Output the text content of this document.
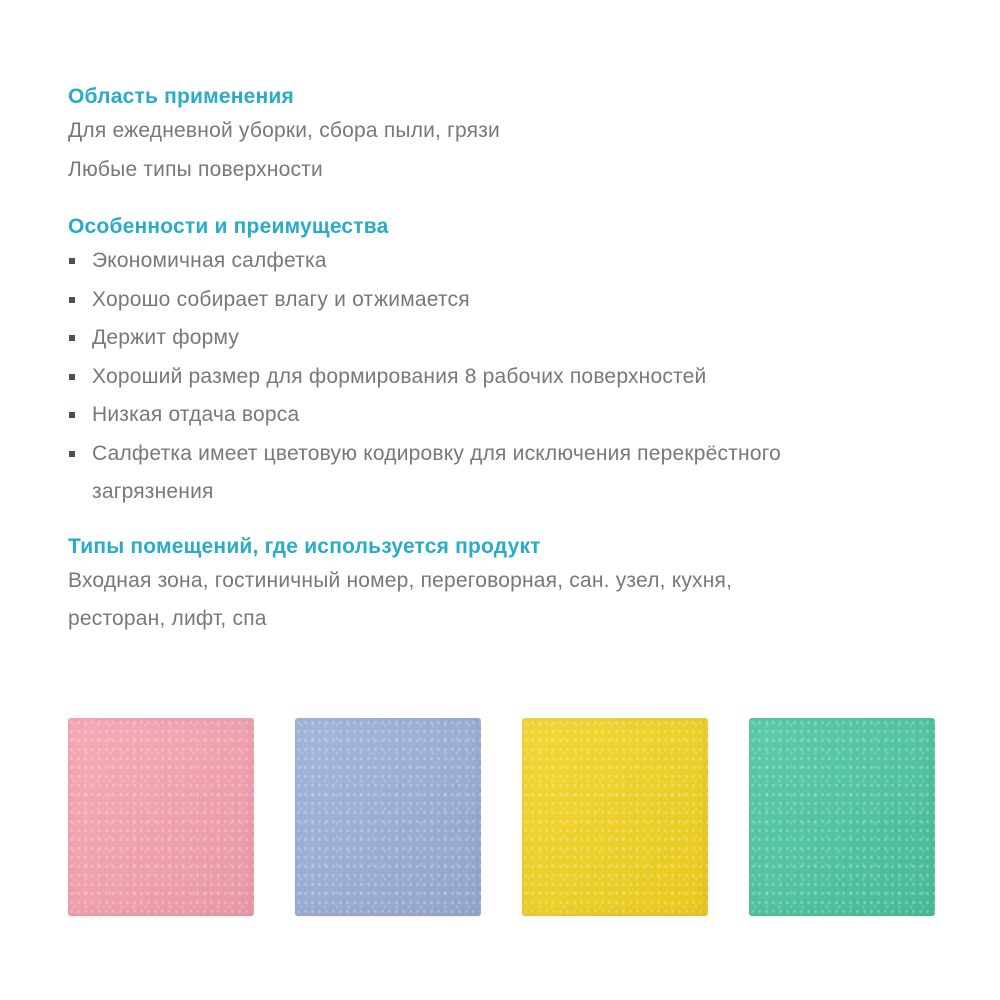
Область применения

Для ежедневной уборки, сбора пыли, грязи

Любые типы поверхности

Особенности и преимущества
Экономичная салфетка
Хорошо собирает влагу и отжимается
Держит форму
Хороший размер для формирования 8 рабочих поверхностей
Низкая отдача ворса
Салфетка имеет цветовую кодировку для исключения перекрёстного
загрязнения
Типы помещений, где используется продукт

Входная зона, гостиничный номер, переговорная, сан. узел, кухня,

ресторан, лифт, спа
